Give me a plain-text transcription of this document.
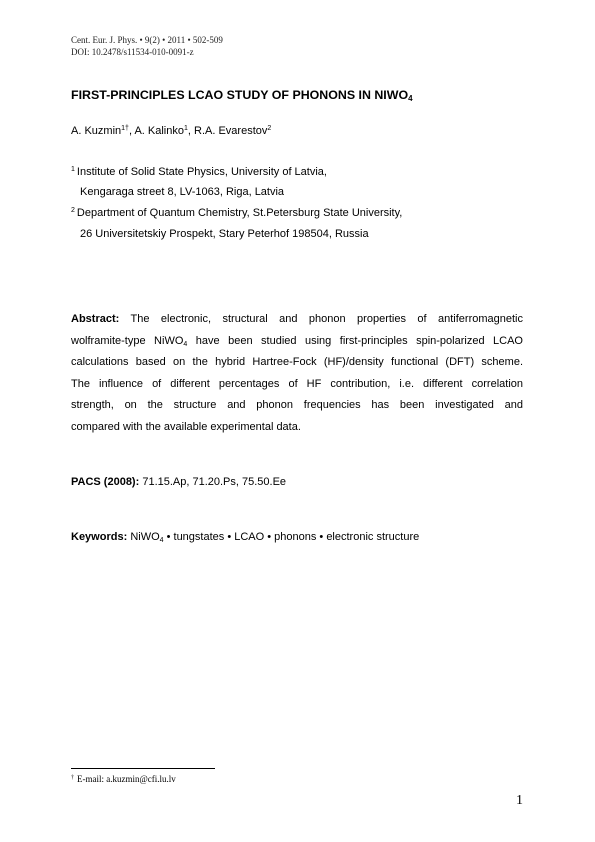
Cent. Eur. J. Phys. • 9(2) • 2011 • 502-509
DOI: 10.2478/s11534-010-0091-z
FIRST-PRINCIPLES LCAO STUDY OF PHONONS IN $NIWO_4$
A. Kuzmin$^{1\dagger}$, A. Kalinko$^1$, R.A. Evarestov$^2$
$^1$ Institute of Solid State Physics, University of Latvia,
Kengaraga street 8, LV-1063, Riga, Latvia
$^2$ Department of Quantum Chemistry, St.Petersburg State University,
26 Universitetskiy Prospekt, Stary Peterhof 198504, Russia
Abstract: The electronic, structural and phonon properties of antiferromagnetic
wolframite-type NiWO$_4$ have been studied using first-principles spin-polarized LCAO
calculations based on the hybrid Hartree-Fock (HF)/density functional (DFT) scheme.
The influence of different percentages of HF contribution, i.e. different correlation
strength, on the structure and phonon frequencies has been investigated and
compared with the available experimental data.
PACS (2008): 71.15.Ap, 71.20.Ps, 75.50.Ee
Keywords: NiWO$_4$ • tungstates • LCAO • phonons • electronic structure
† E-mail: a.kuzmin@cfi.lu.lv
1
